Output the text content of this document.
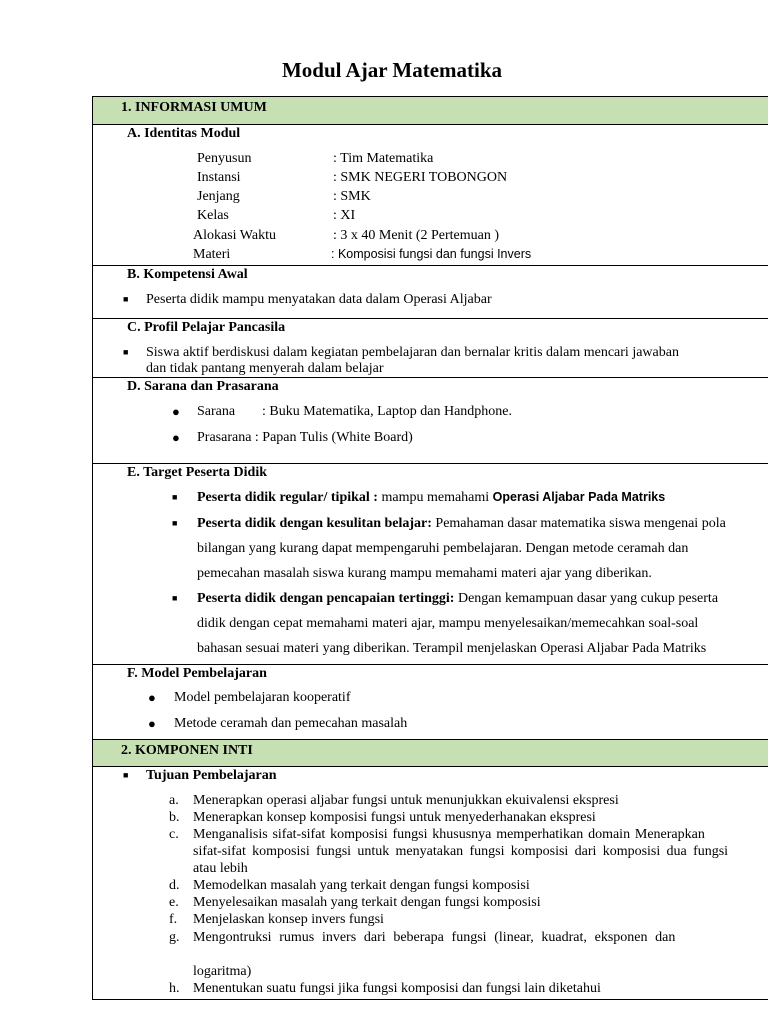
Modul Ajar Matematika
1. INFORMASI UMUM
A. Identitas Modul
Penyusun	: Tim Matematika
Instansi	: SMK NEGERI TOBONGON
Jenjang	: SMK
Kelas	: XI
Alokasi Waktu	: 3 x 40 Menit (2 Pertemuan )
Materi	: Komposisi fungsi dan fungsi Invers
B. Kompetensi Awal
■ Peserta didik mampu menyatakan data dalam Operasi Aljabar
C. Profil Pelajar Pancasila
■ Siswa aktif berdiskusi dalam kegiatan pembelajaran dan bernalar kritis dalam mencari jawaban
dan tidak pantang menyerah dalam belajar
D. Sarana dan Prasarana
● Sarana : Buku Matematika, Laptop dan Handphone.
● Prasarana : Papan Tulis (White Board)
E. Target Peserta Didik
■ Peserta didik regular/ tipikal : mampu memahami Operasi Aljabar Pada Matriks
■ Peserta didik dengan kesulitan belajar: Pemahaman dasar matematika siswa mengenai pola
bilangan yang kurang dapat mempengaruhi pembelajaran. Dengan metode ceramah dan
pemecahan masalah siswa kurang mampu memahami materi ajar yang diberikan.
■ Peserta didik dengan pencapaian tertinggi: Dengan kemampuan dasar yang cukup peserta
didik dengan cepat memahami materi ajar, mampu menyelesaikan/memecahkan soal-soal
bahasan sesuai materi yang diberikan. Terampil menjelaskan Operasi Aljabar Pada Matriks
F. Model Pembelajaran
● Model pembelajaran kooperatif
● Metode ceramah dan pemecahan masalah
2. KOMPONEN INTI
■ Tujuan Pembelajaran
a. Menerapkan operasi aljabar fungsi untuk menunjukkan ekuivalensi ekspresi
b. Menerapkan konsep komposisi fungsi untuk menyederhanakan ekspresi
c. Menganalisis sifat-sifat komposisi fungsi khususnya memperhatikan domain Menerapkan
sifat-sifat komposisi fungsi untuk menyatakan fungsi komposisi dari komposisi dua fungsi
atau lebih
d. Memodelkan masalah yang terkait dengan fungsi komposisi
e. Menyelesaikan masalah yang terkait dengan fungsi komposisi
f. Menjelaskan konsep invers fungsi
g. Mengontruksi rumus invers dari beberapa fungsi (linear, kuadrat, eksponen dan
logaritma)
h. Menentukan suatu fungsi jika fungsi komposisi dan fungsi lain diketahui
